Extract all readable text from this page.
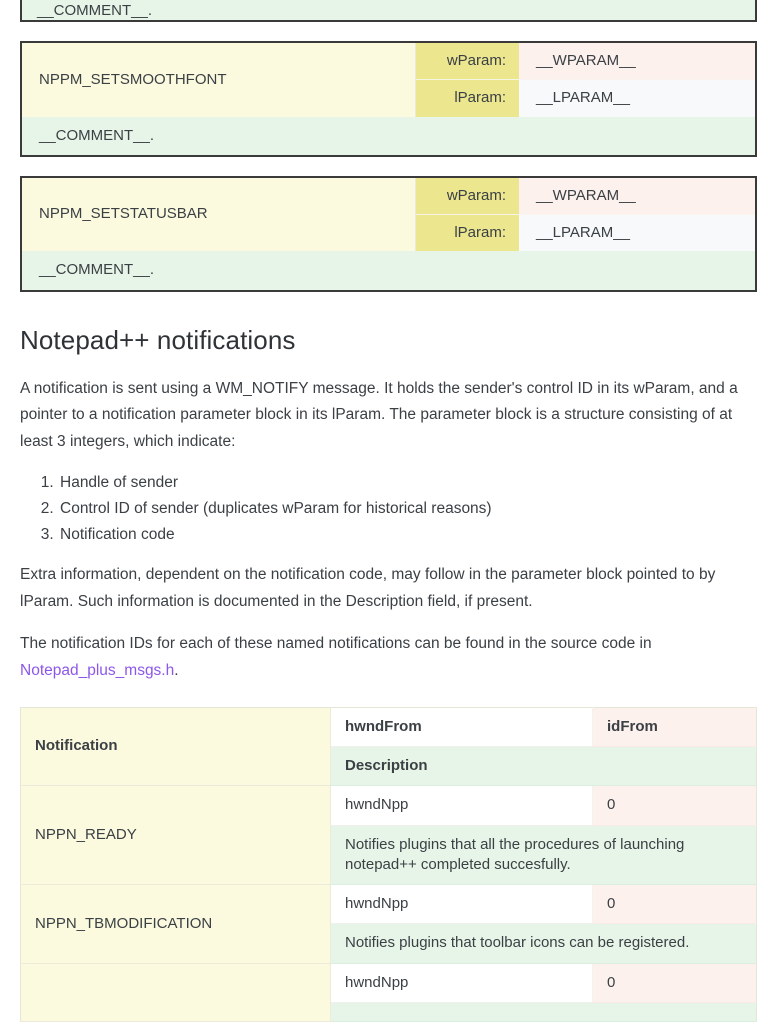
__COMMENT__.
NPPM_SETSMOOTHFONT	wParam:	__WPARAM__
	lParam:	__LPARAM__
__COMMENT__.		
NPPM_SETSTATUSBAR	wParam:	__WPARAM__
	lParam:	__LPARAM__
__COMMENT__.		
Notepad++ notifications

A notification is sent using a WM_NOTIFY message. It holds the sender's control ID in its wParam, and a pointer to a notification parameter block in its lParam. The parameter block is a structure consisting of at least 3 integers, which indicate:

1. Handle of sender
2. Control ID of sender (duplicates wParam for historical reasons)
3. Notification code

Extra information, dependent on the notification code, may follow in the parameter block pointed to by lParam. Such information is documented in the Description field, if present.

The notification IDs for each of these named notifications can be found in the source code in Notepad_plus_msgs.h.

Notification	hwndFrom	idFrom
	Description	
NPPN_READY	hwndNpp	0
	Notifies plugins that all the procedures of launching notepad++ completed succesfully.	
NPPN_TBMODIFICATION	hwndNpp	0
	Notifies plugins that toolbar icons can be registered.	
	hwndNpp	0
